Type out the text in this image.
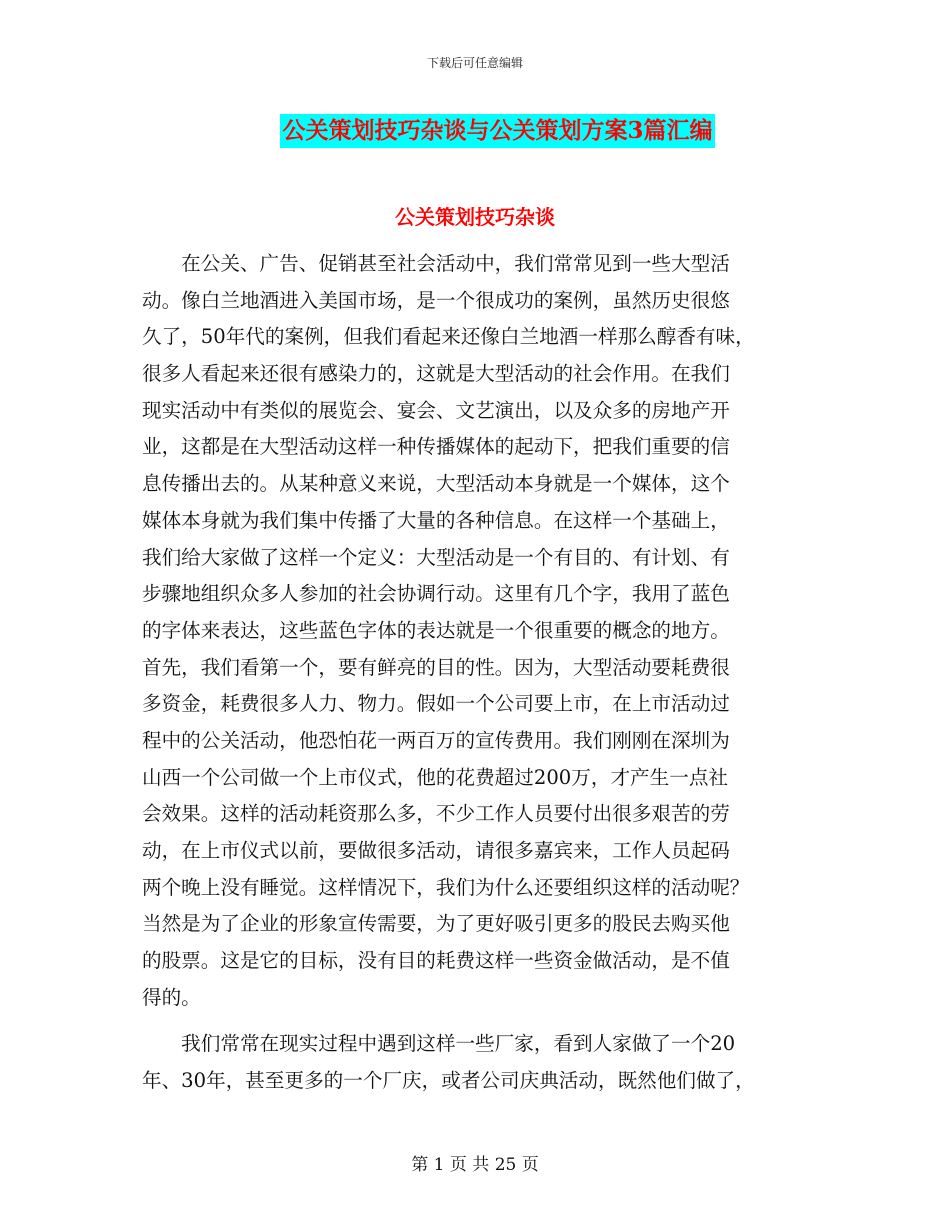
下载后可任意编辑
公关策划技巧杂谈与公关策划方案3篇汇编
公关策划技巧杂谈
　　在公关、广告、促销甚至社会活动中，我们常常见到一些大型活
动。像白兰地酒进入美国市场，是一个很成功的案例，虽然历史很悠
久了，50年代的案例，但我们看起来还像白兰地酒一样那么醇香有味，
很多人看起来还很有感染力的，这就是大型活动的社会作用。在我们
现实活动中有类似的展览会、宴会、文艺演出，以及众多的房地产开
业，这都是在大型活动这样一种传播媒体的起动下，把我们重要的信
息传播出去的。从某种意义来说，大型活动本身就是一个媒体，这个
媒体本身就为我们集中传播了大量的各种信息。在这样一个基础上，
我们给大家做了这样一个定义：大型活动是一个有目的、有计划、有
步骤地组织众多人参加的社会协调行动。这里有几个字，我用了蓝色
的字体来表达，这些蓝色字体的表达就是一个很重要的概念的地方。
首先，我们看第一个，要有鲜亮的目的性。因为，大型活动要耗费很
多资金，耗费很多人力、物力。假如一个公司要上市，在上市活动过
程中的公关活动，他恐怕花一两百万的宣传费用。我们刚刚在深圳为
山西一个公司做一个上市仪式，他的花费超过200万，才产生一点社
会效果。这样的活动耗资那么多，不少工作人员要付出很多艰苦的劳
动，在上市仪式以前，要做很多活动，请很多嘉宾来，工作人员起码
两个晚上没有睡觉。这样情况下，我们为什么还要组织这样的活动呢？
当然是为了企业的形象宣传需要，为了更好吸引更多的股民去购买他
的股票。这是它的目标，没有目的耗费这样一些资金做活动，是不值
得的。
　　我们常常在现实过程中遇到这样一些厂家，看到人家做了一个20
年、30年，甚至更多的一个厂庆，或者公司庆典活动，既然他们做了，
第 1 页 共 25 页
